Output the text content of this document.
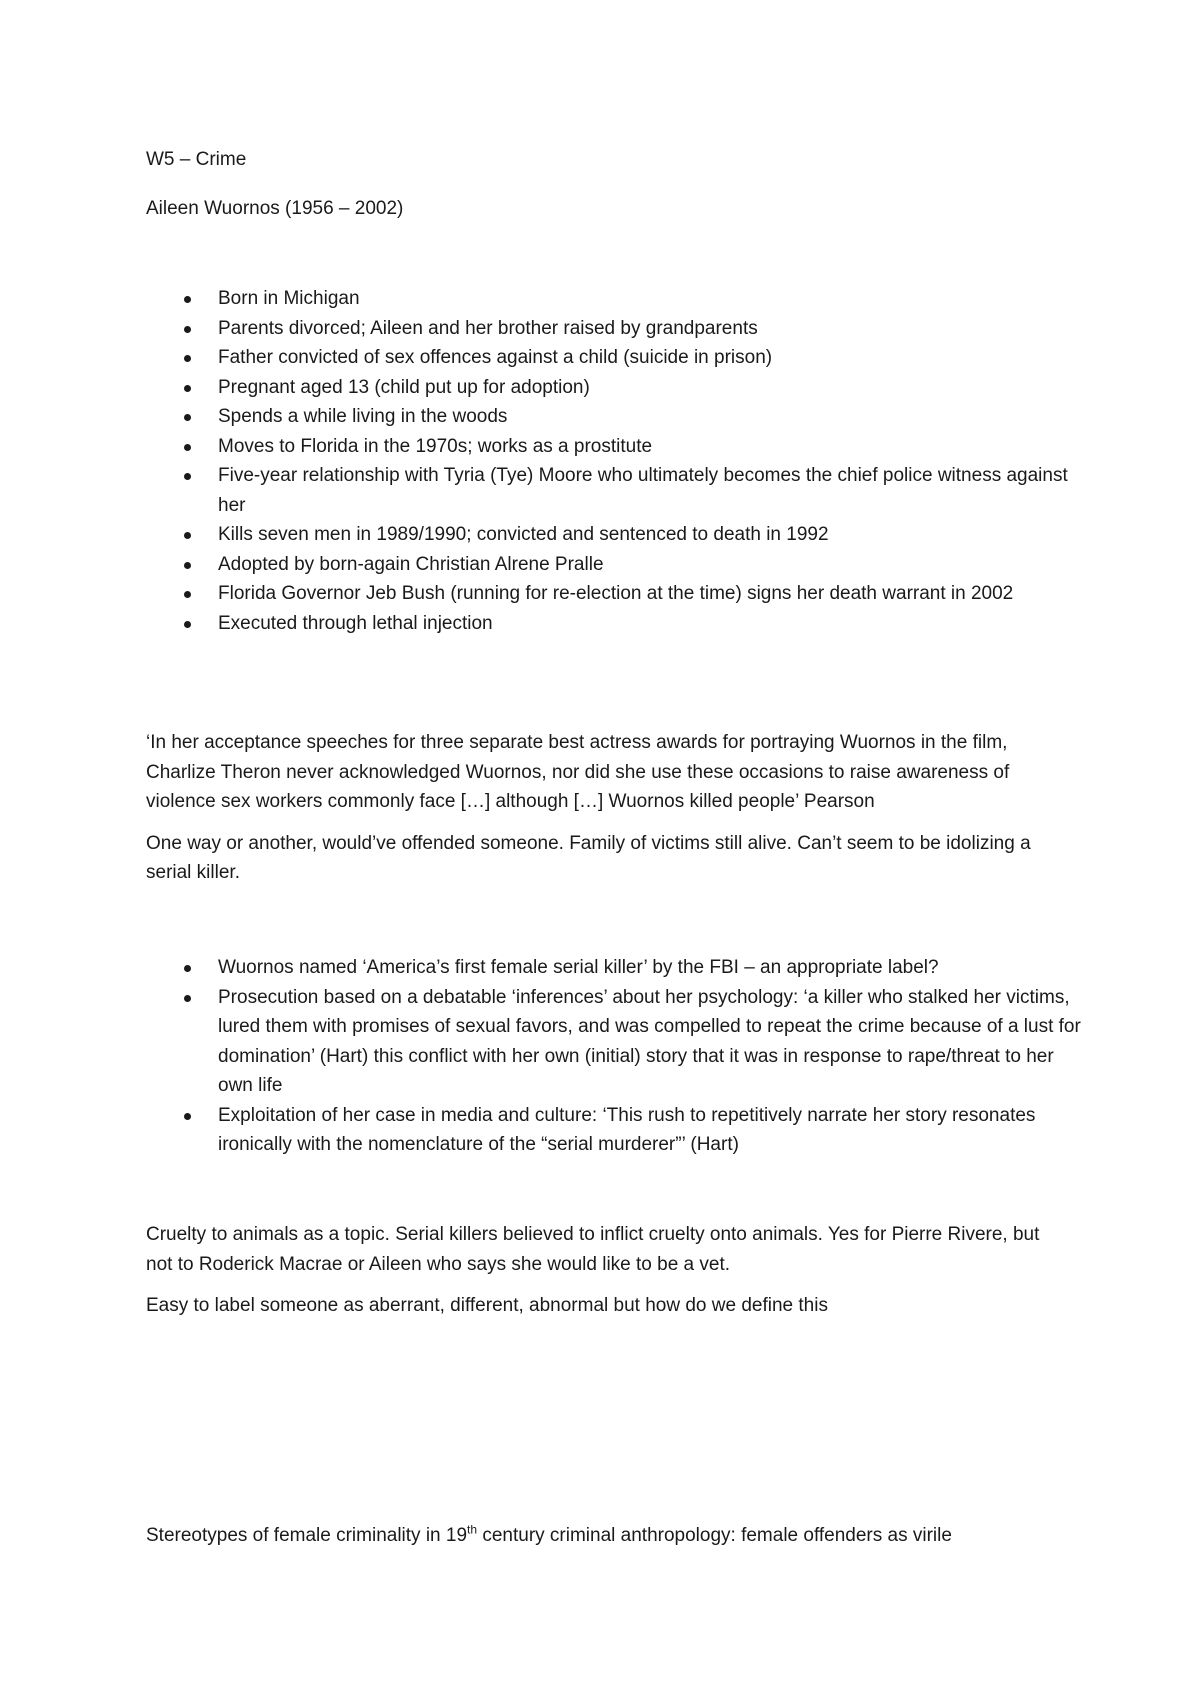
W5 – Crime
Aileen Wuornos (1956 – 2002)
Born in Michigan
Parents divorced; Aileen and her brother raised by grandparents
Father convicted of sex offences against a child (suicide in prison)
Pregnant aged 13 (child put up for adoption)
Spends a while living in the woods
Moves to Florida in the 1970s; works as a prostitute
Five-year relationship with Tyria (Tye) Moore who ultimately becomes the chief police witness against her
Kills seven men in 1989/1990; convicted and sentenced to death in 1992
Adopted by born-again Christian Alrene Pralle
Florida Governor Jeb Bush (running for re-election at the time) signs her death warrant in 2002
Executed through lethal injection

‘In her acceptance speeches for three separate best actress awards for portraying Wuornos in the film, Charlize Theron never acknowledged Wuornos, nor did she use these occasions to raise awareness of violence sex workers commonly face […] although […] Wuornos killed people’ Pearson

One way or another, would’ve offended someone. Family of victims still alive. Can’t seem to be idolizing a serial killer.

Wuornos named ‘America’s first female serial killer’ by the FBI – an appropriate label?
Prosecution based on a debatable ‘inferences’ about her psychology: ‘a killer who stalked her victims, lured them with promises of sexual favors, and was compelled to repeat the crime because of a lust for domination’ (Hart) this conflict with her own (initial) story that it was in response to rape/threat to her own life
Exploitation of her case in media and culture: ‘This rush to repetitively narrate her story resonates ironically with the nomenclature of the “serial murderer”’ (Hart)

Cruelty to animals as a topic. Serial killers believed to inflict cruelty onto animals. Yes for Pierre Rivere, but not to Roderick Macrae or Aileen who says she would like to be a vet.

Easy to label someone as aberrant, different, abnormal but how do we define this

Stereotypes of female criminality in 19th century criminal anthropology: female offenders as virile
